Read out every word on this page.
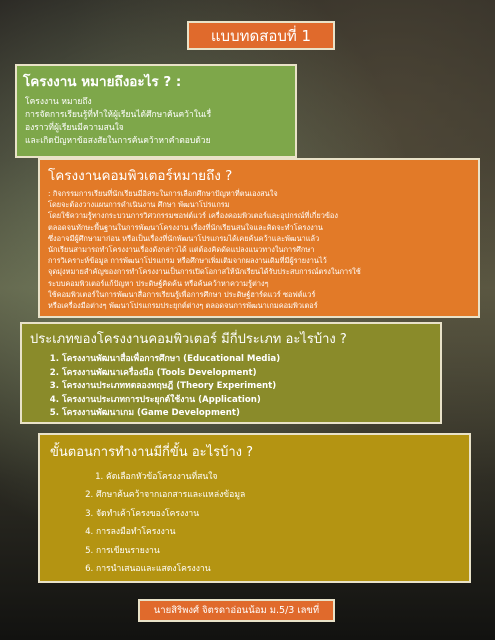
แบบทดสอบที่ 1
โครงงาน หมายถึงอะไร ? :

โครงงาน หมายถึง

การจัดการเรียนรู้ที่ทำให้ผู้เรียนได้ศึกษาค้นคว้าในเรื่

องราวที่ผู้เรียนมีความสนใจ

และเกิดปัญหาข้อสงสัยในการค้นคว้าหาคำตอบด้วย

โครงงานคอมพิวเตอร์หมายถึง ?

: กิจกรรมการเรียนที่นักเรียนมีอิสระในการเลือกศึกษาปัญหาที่ตนเองสนใจ

โดยจะต้องวางแผนการดำเนินงาน ศึกษา พัฒนาโปรแกรม

โดยใช้ความรู้ทางกระบวนการวิศวกรรมซอฟต์แวร์ เครื่องคอมพิวเตอร์และอุปกรณ์ที่เกี่ยวข้อง

ตลอดจนทักษะพื้นฐานในการพัฒนาโครงงาน เรื่องที่นักเรียนสนใจและคิดจะทำโครงงาน

ซึ่งอาจมีผู้ศึกษามาก่อน หรือเป็นเรื่องที่นักพัฒนาโปรแกรมได้เคยค้นคว้าและพัฒนาแล้ว

นักเรียนสามารถทำโครงงานเรื่องดังกล่าวได้ แต่ต้องคิดดัดแปลงแนวทางในการศึกษา

การวิเคราะห์ข้อมูล การพัฒนาโปรแกรม หรือศึกษาเพิ่มเติมจากผลงานเดิมที่มีผู้รายงานไว้

จุดมุ่งหมายสำคัญของการทำโครงงานเป็นการเปิดโอกาสให้นักเรียนได้รับประสบการณ์ตรงในการใช้

ระบบคอมพิวเตอร์แก้ปัญหา ประดิษฐ์คิดค้น หรือค้นคว้าหาความรู้ต่างๆ

ใช้คอมพิวเตอร์ในการพัฒนาสื่อการเรียนรู้เพื่อการศึกษา ประดิษฐ์ฮาร์ดแวร์ ซอฟต์แวร์

หรือเครื่องมือต่างๆ พัฒนาโปรแกรมประยุกต์ต่างๆ ตลอดจนการพัฒนาเกมคอมพิวเตอร์

ประเภทของโครงงานคอมพิวเตอร์ มีกี่ประเภท อะไรบ้าง ?
1. โครงงานพัฒนาสื่อเพื่อการศึกษา (Educational Media)
2. โครงงานพัฒนาเครื่องมือ (Tools Development)
3. โครงงานประเภททดลองทฤษฎี (Theory Experiment)
4. โครงงานประเภทการประยุกต์ใช้งาน (Application)
5. โครงงานพัฒนาเกม (Game Development)
ขั้นตอนการทำงานมีกี่ขั้น อะไรบ้าง ?
1. คัดเลือกหัวข้อโครงงานที่สนใจ
2. ศึกษาค้นคว้าจากเอกสารและแหล่งข้อมูล
3. จัดทำเค้าโครงของโครงงาน
4. การลงมือทำโครงงาน
5. การเขียนรายงาน
6. การนำเสนอและแสดงโครงงาน
นายสิริพงศ์ จิตรดาอ่อนน้อม ม.5/3 เลขที่
